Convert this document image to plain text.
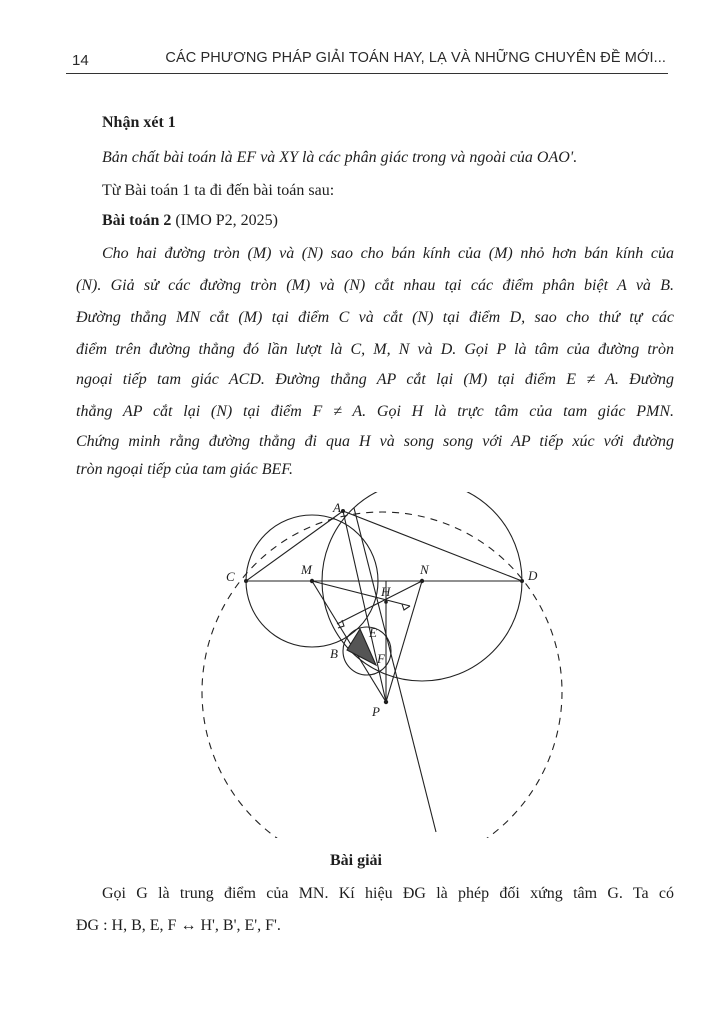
14	CÁC PHƯƠNG PHÁP GIẢI TOÁN HAY, LẠ VÀ NHỮNG CHUYÊN ĐỀ MỚI...
Nhận xét 1
Bản chất bài toán là EF và XY là các phân giác trong và ngoài của OAO'.
Từ Bài toán 1 ta đi đến bài toán sau:
Bài toán 2 (IMO P2, 2025)
Cho hai đường tròn (M) và (N) sao cho bán kính của (M) nhỏ hơn bán kính của
(N). Giả sử các đường tròn (M) và (N) cắt nhau tại các điểm phân biệt A và B.
Đường thẳng MN cắt (M) tại điểm C và cắt (N) tại điểm D, sao cho thứ tự các
điểm trên đường thẳng đó lần lượt là C, M, N và D. Gọi P là tâm của đường tròn
ngoại tiếp tam giác ACD. Đường thẳng AP cắt lại (M) tại điểm E ≠ A. Đường
thẳng AP cắt lại (N) tại điểm F ≠ A. Gọi H là trực tâm của tam giác PMN.
Chứng minh rằng đường thẳng đi qua H và song song với AP tiếp xúc với đường
tròn ngoại tiếp của tam giác BEF.
A
C	D
M	N
H
E
F
B
P
Bài giải
Gọi G là trung điểm của MN. Kí hiệu ĐG là phép đối xứng tâm G. Ta có
ĐG : H, B, E, F ↔ H', B', E', F'.
